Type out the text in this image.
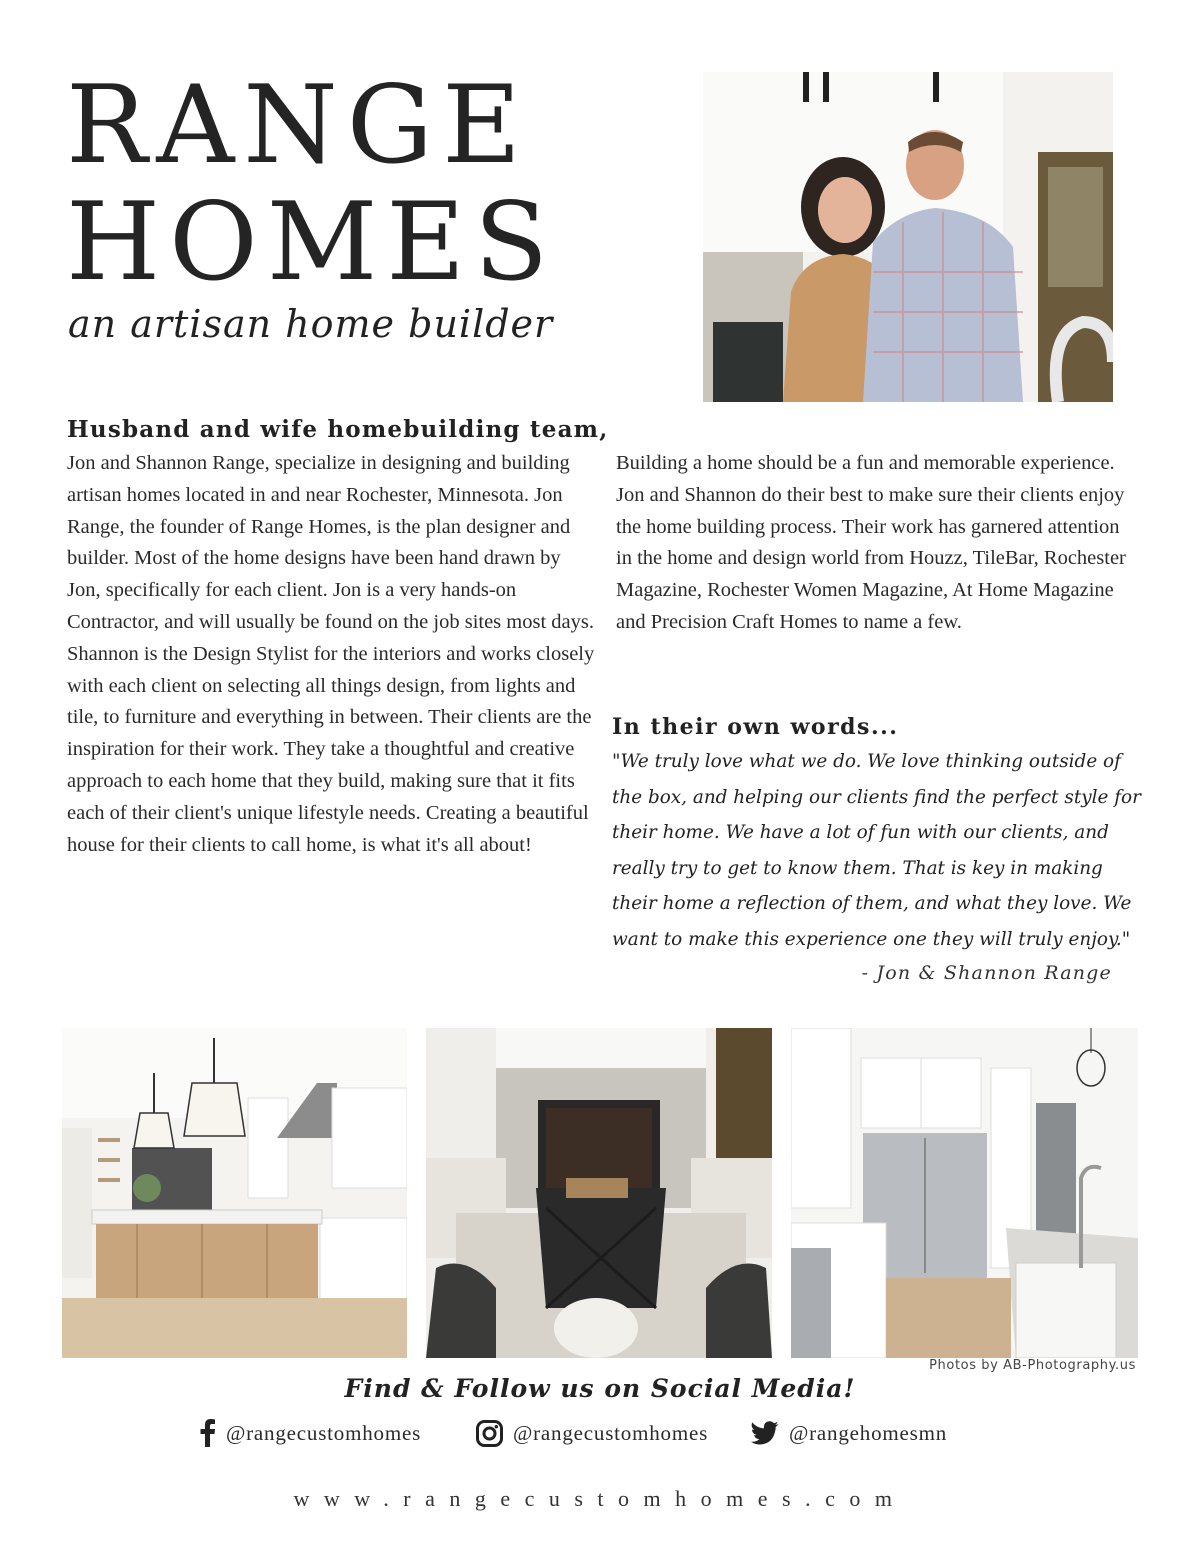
RANGE
HOMES
an artisan home builder
Husband and wife homebuilding team,

Jon and Shannon Range, specialize in designing and building artisan homes located in and near Rochester, Minnesota. Jon Range, the founder of Range Homes, is the plan designer and builder. Most of the home designs have been hand drawn by Jon, specifically for each client. Jon is a very hands-on Contractor, and will usually be found on the job sites most days. Shannon is the Design Stylist for the interiors and works closely with each client on selecting all things design, from lights and tile, to furniture and everything in between. Their clients are the inspiration for their work. They take a thoughtful and creative approach to each home that they build, making sure that it fits each of their client's unique lifestyle needs. Creating a beautiful house for their clients to call home, is what it's all about!

Building a home should be a fun and memorable experience. Jon and Shannon do their best to make sure their clients enjoy the home building process. Their work has garnered attention in the home and design world from Houzz, TileBar, Rochester Magazine, Rochester Women Magazine, At Home Magazine and Precision Craft Homes to name a few.

In their own words...

"We truly love what we do. We love thinking outside of the box, and helping our clients find the perfect style for their home. We have a lot of fun with our clients, and really try to get to know them. That is key in making their home a reflection of them, and what they love. We want to make this experience one they will truly enjoy."

- Jon & Shannon Range
Photos by AB-Photography.us
Find & Follow us on Social Media!
@rangecustomhomes	@rangecustomhomes	@rangehomesmn
www.rangecustomhomes.com
